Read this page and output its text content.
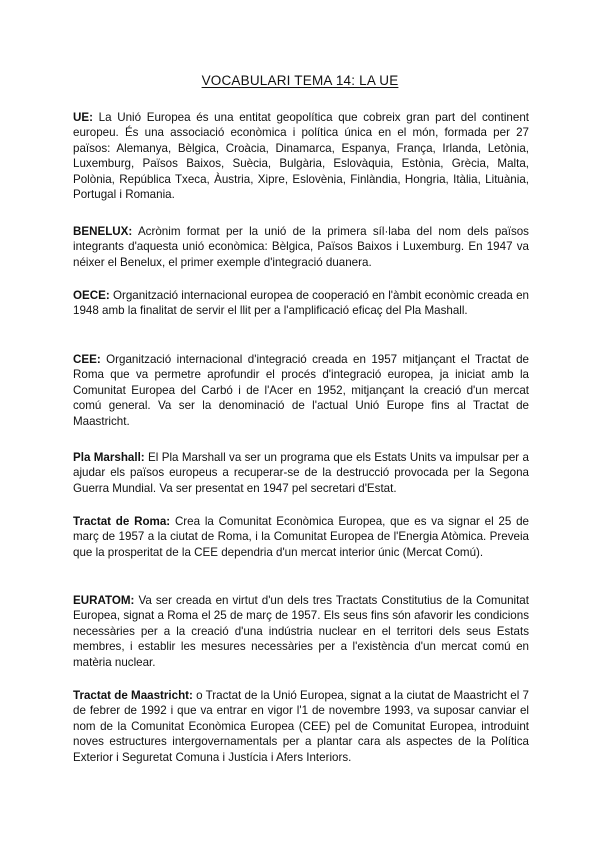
VOCABULARI TEMA 14: LA UE

UE: La Unió Europea és una entitat geopolítica que cobreix gran part del continent europeu. És una associació econòmica i política única en el món, formada per 27 països: Alemanya, Bèlgica, Croàcia, Dinamarca, Espanya, França, Irlanda, Letònia, Luxemburg, Països Baixos, Suècia, Bulgària, Eslovàquia, Estònia, Grècia, Malta, Polònia, República Txeca, Àustria, Xipre, Eslovènia, Finlàndia, Hongria, Itàlia, Lituània, Portugal i Romania.

BENELUX: Acrònim format per la unió de la primera síl·laba del nom dels països integrants d'aquesta unió econòmica: Bèlgica, Països Baixos i Luxemburg. En 1947 va néixer el Benelux, el primer exemple d'integració duanera.

OECE: Organització internacional europea de cooperació en l'àmbit econòmic creada en 1948 amb la finalitat de servir el llit per a l'amplificació eficaç del Pla Mashall.

CEE: Organització internacional d'integració creada en 1957 mitjançant el Tractat de Roma que va permetre aprofundir el procés d'integració europea, ja iniciat amb la Comunitat Europea del Carbó i de l'Acer en 1952, mitjançant la creació d'un mercat comú general. Va ser la denominació de l'actual Unió Europe fins al Tractat de Maastricht.

Pla Marshall: El Pla Marshall va ser un programa que els Estats Units va impulsar per a ajudar els països europeus a recuperar-se de la destrucció provocada per la Segona Guerra Mundial. Va ser presentat en 1947 pel secretari d'Estat.

Tractat de Roma: Crea la Comunitat Econòmica Europea, que es va signar el 25 de març de 1957 a la ciutat de Roma, i la Comunitat Europea de l'Energia Atòmica. Preveia que la prosperitat de la CEE dependria d'un mercat interior únic (Mercat Comú).

EURATOM: Va ser creada en virtut d'un dels tres Tractats Constitutius de la Comunitat Europea, signat a Roma el 25 de març de 1957. Els seus fins són afavorir les condicions necessàries per a la creació d'una indústria nuclear en el territori dels seus Estats membres, i establir les mesures necessàries per a l'existència d'un mercat comú en matèria nuclear.

Tractat de Maastricht: o Tractat de la Unió Europea, signat a la ciutat de Maastricht el 7 de febrer de 1992 i que va entrar en vigor l'1 de novembre 1993, va suposar canviar el nom de la Comunitat Econòmica Europea (CEE) pel de Comunitat Europea, introduint noves estructures intergovernamentals per a plantar cara als aspectes de la Política Exterior i Seguretat Comuna i Justícia i Afers Interiors.
